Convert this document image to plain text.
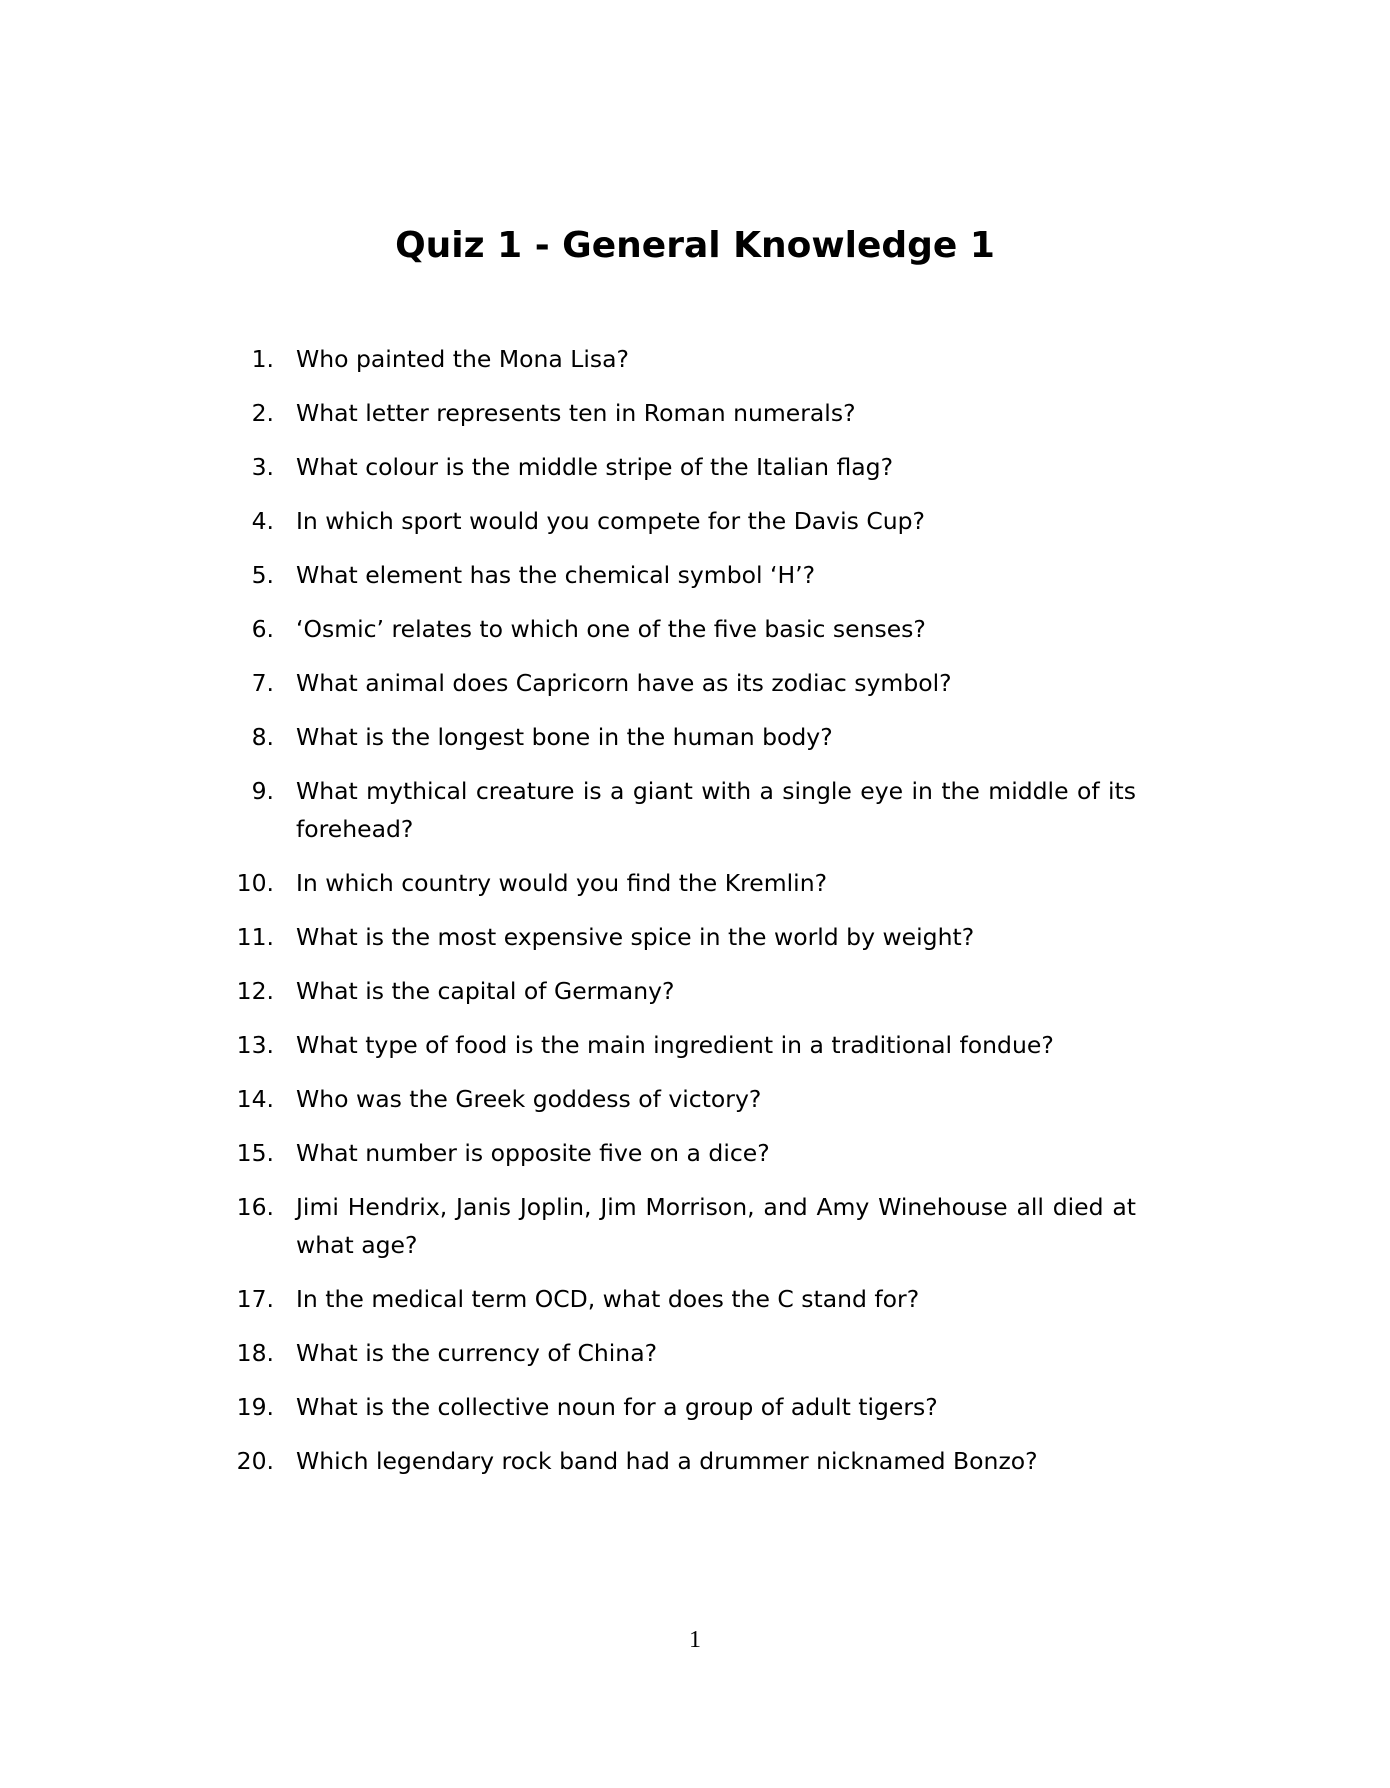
Quiz 1 - General Knowledge 1
1. Who painted the Mona Lisa?
2. What letter represents ten in Roman numerals?
3. What colour is the middle stripe of the Italian flag?
4. In which sport would you compete for the Davis Cup?
5. What element has the chemical symbol ‘H’?
6. ‘Osmic’ relates to which one of the five basic senses?
7. What animal does Capricorn have as its zodiac symbol?
8. What is the longest bone in the human body?
9. What mythical creature is a giant with a single eye in the middle of its forehead?
10. In which country would you find the Kremlin?
11. What is the most expensive spice in the world by weight?
12. What is the capital of Germany?
13. What type of food is the main ingredient in a traditional fondue?
14. Who was the Greek goddess of victory?
15. What number is opposite five on a dice?
16. Jimi Hendrix, Janis Joplin, Jim Morrison, and Amy Winehouse all died at what age?
17. In the medical term OCD, what does the C stand for?
18. What is the currency of China?
19. What is the collective noun for a group of adult tigers?
20. Which legendary rock band had a drummer nicknamed Bonzo?
1
